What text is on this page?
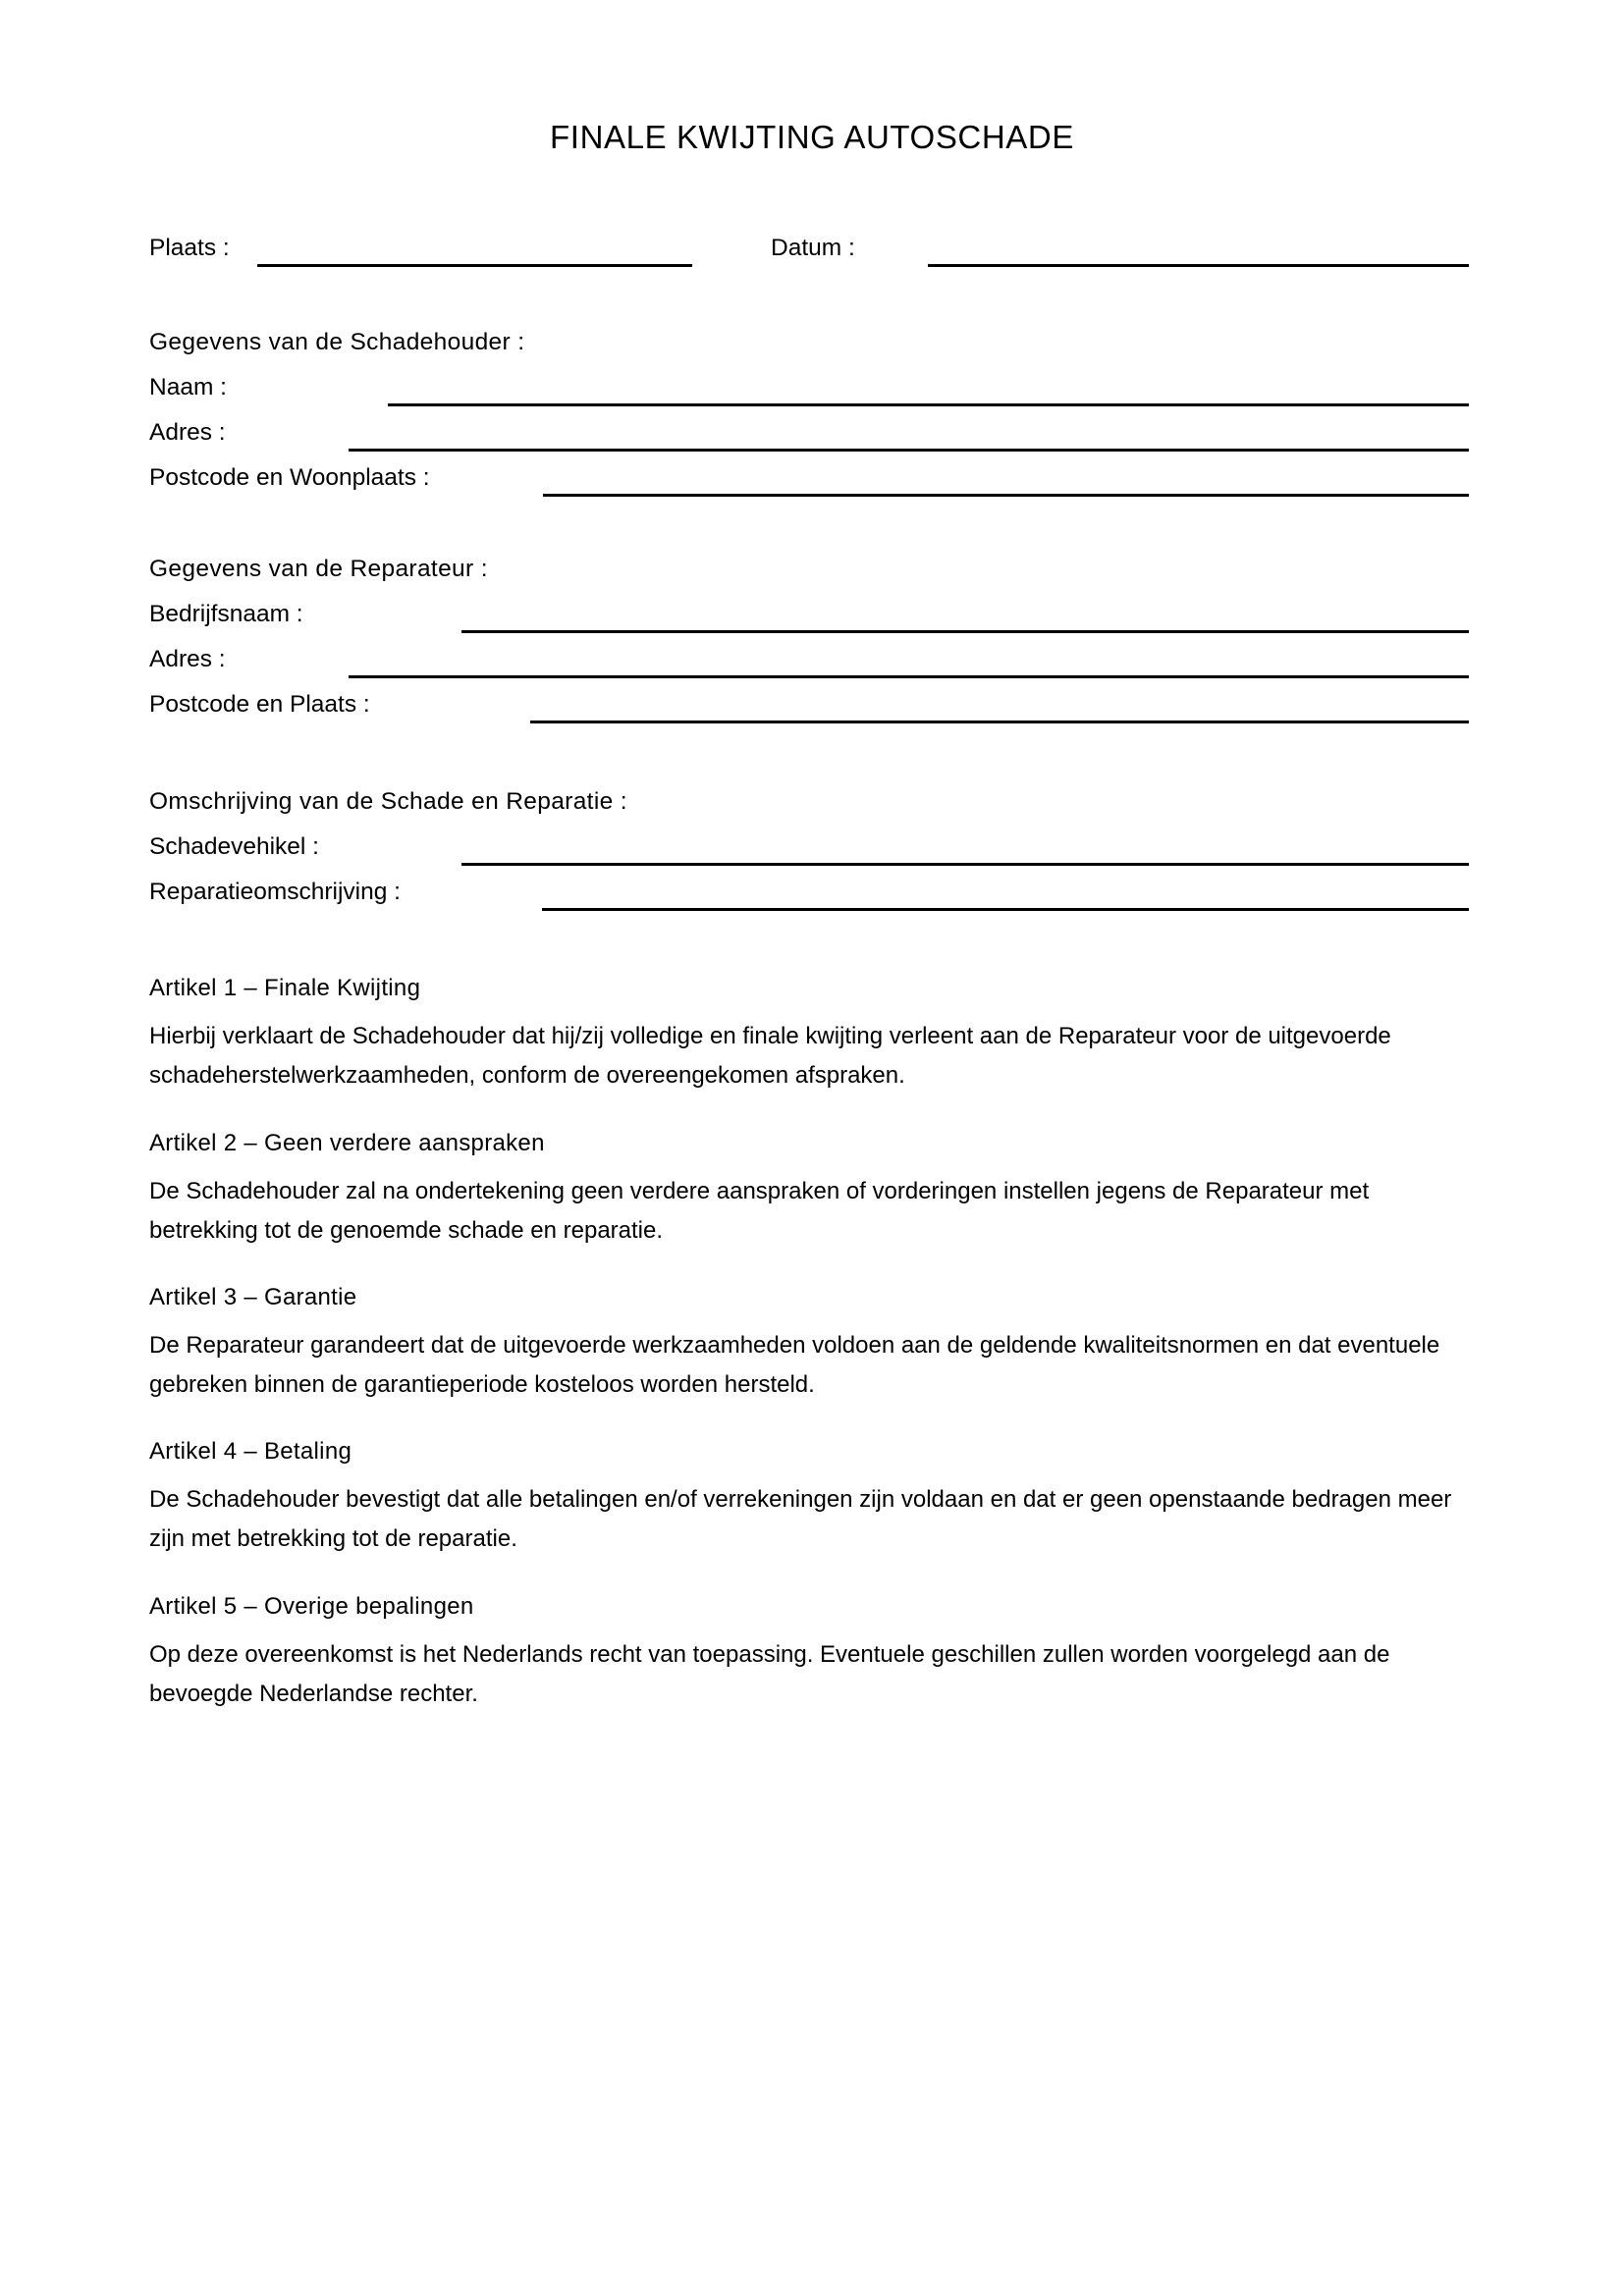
FINALE KWIJTING AUTOSCHADE
Plaats :	Datum :
Gegevens van de Schadehouder :
Naam :
Adres :
Postcode en Woonplaats :
Gegevens van de Reparateur :
Bedrijfsnaam :
Adres :
Postcode en Plaats :
Omschrijving van de Schade en Reparatie :
Schadevehikel :
Reparatieomschrijving :

Artikel 1 – Finale Kwijting

Hierbij verklaart de Schadehouder dat hij/zij volledige en finale kwijting verleent aan de Reparateur voor de uitgevoerde schadeherstelwerkzaamheden, conform de overeengekomen afspraken.

Artikel 2 – Geen verdere aanspraken

De Schadehouder zal na ondertekening geen verdere aanspraken of vorderingen instellen jegens de Reparateur met betrekking tot de genoemde schade en reparatie.

Artikel 3 – Garantie

De Reparateur garandeert dat de uitgevoerde werkzaamheden voldoen aan de geldende kwaliteitsnormen en dat eventuele gebreken binnen de garantieperiode kosteloos worden hersteld.

Artikel 4 – Betaling

De Schadehouder bevestigt dat alle betalingen en/of verrekeningen zijn voldaan en dat er geen openstaande bedragen meer zijn met betrekking tot de reparatie.

Artikel 5 – Overige bepalingen

Op deze overeenkomst is het Nederlands recht van toepassing. Eventuele geschillen zullen worden voorgelegd aan de bevoegde Nederlandse rechter.
